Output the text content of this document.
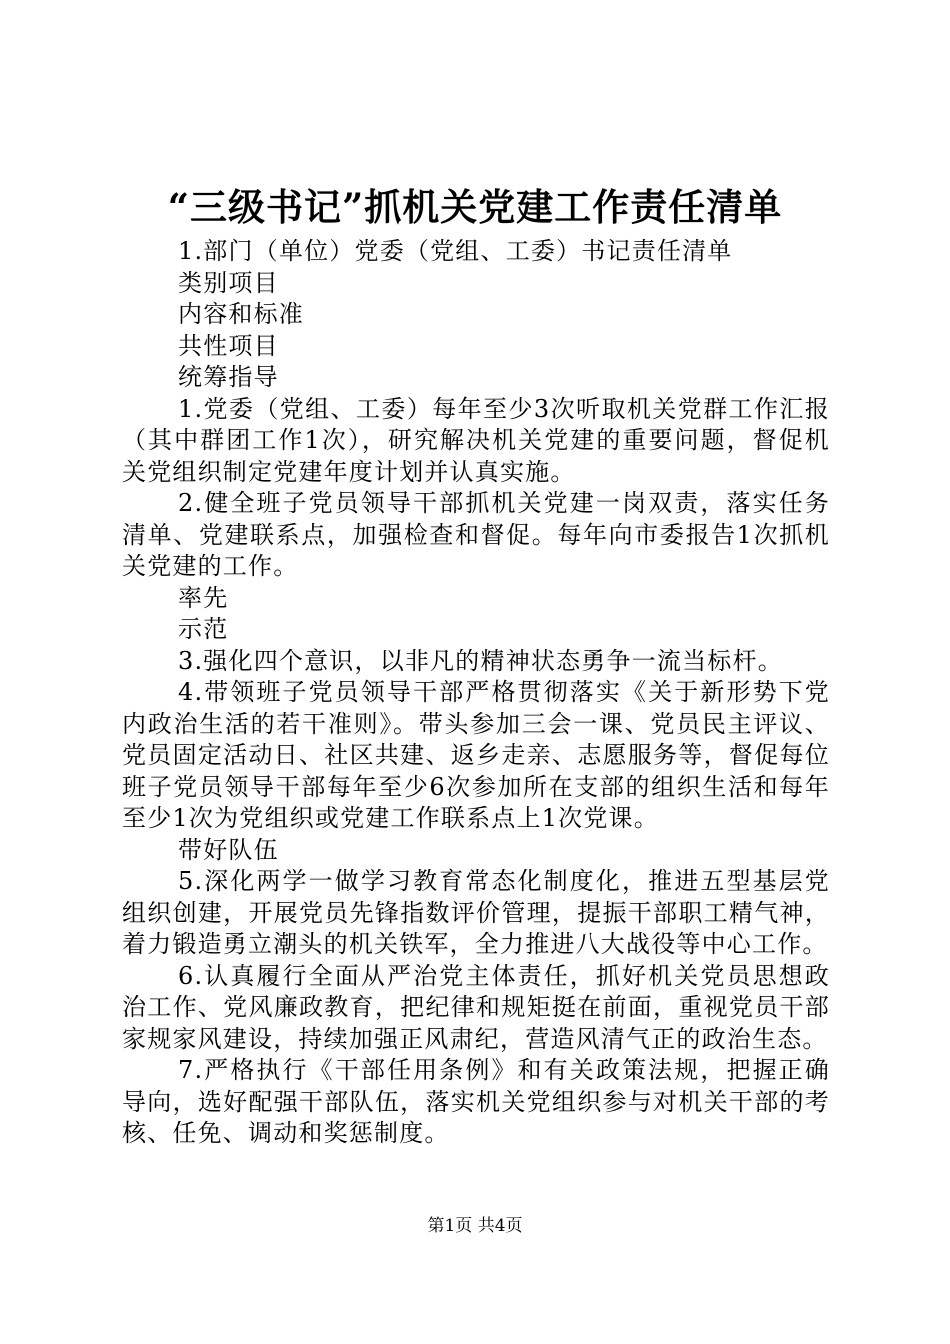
“三级书记”抓机关党建工作责任清单

1.部门（单位）党委（党组、工委）书记责任清单

类别项目

内容和标准

共性项目

统筹指导

1.党委（党组、工委）每年至少3次听取机关党群工作汇报（其中群团工作1次），研究解决机关党建的重要问题，督促机关党组织制定党建年度计划并认真实施。

2.健全班子党员领导干部抓机关党建一岗双责，落实任务清单、党建联系点，加强检查和督促。每年向市委报告1次抓机关党建的工作。

率先

示范

3.强化四个意识，以非凡的精神状态勇争一流当标杆。

4.带领班子党员领导干部严格贯彻落实《关于新形势下党内政治生活的若干准则》。带头参加三会一课、党员民主评议、党员固定活动日、社区共建、返乡走亲、志愿服务等，督促每位班子党员领导干部每年至少6次参加所在支部的组织生活和每年至少1次为党组织或党建工作联系点上1次党课。

带好队伍

5.深化两学一做学习教育常态化制度化，推进五型基层党组织创建，开展党员先锋指数评价管理，提振干部职工精气神，着力锻造勇立潮头的机关铁军，全力推进八大战役等中心工作。

6.认真履行全面从严治党主体责任，抓好机关党员思想政治工作、党风廉政教育，把纪律和规矩挺在前面，重视党员干部家规家风建设，持续加强正风肃纪，营造风清气正的政治生态。

7.严格执行《干部任用条例》和有关政策法规，把握正确导向，选好配强干部队伍，落实机关党组织参与对机关干部的考核、任免、调动和奖惩制度。

第1页 共4页
